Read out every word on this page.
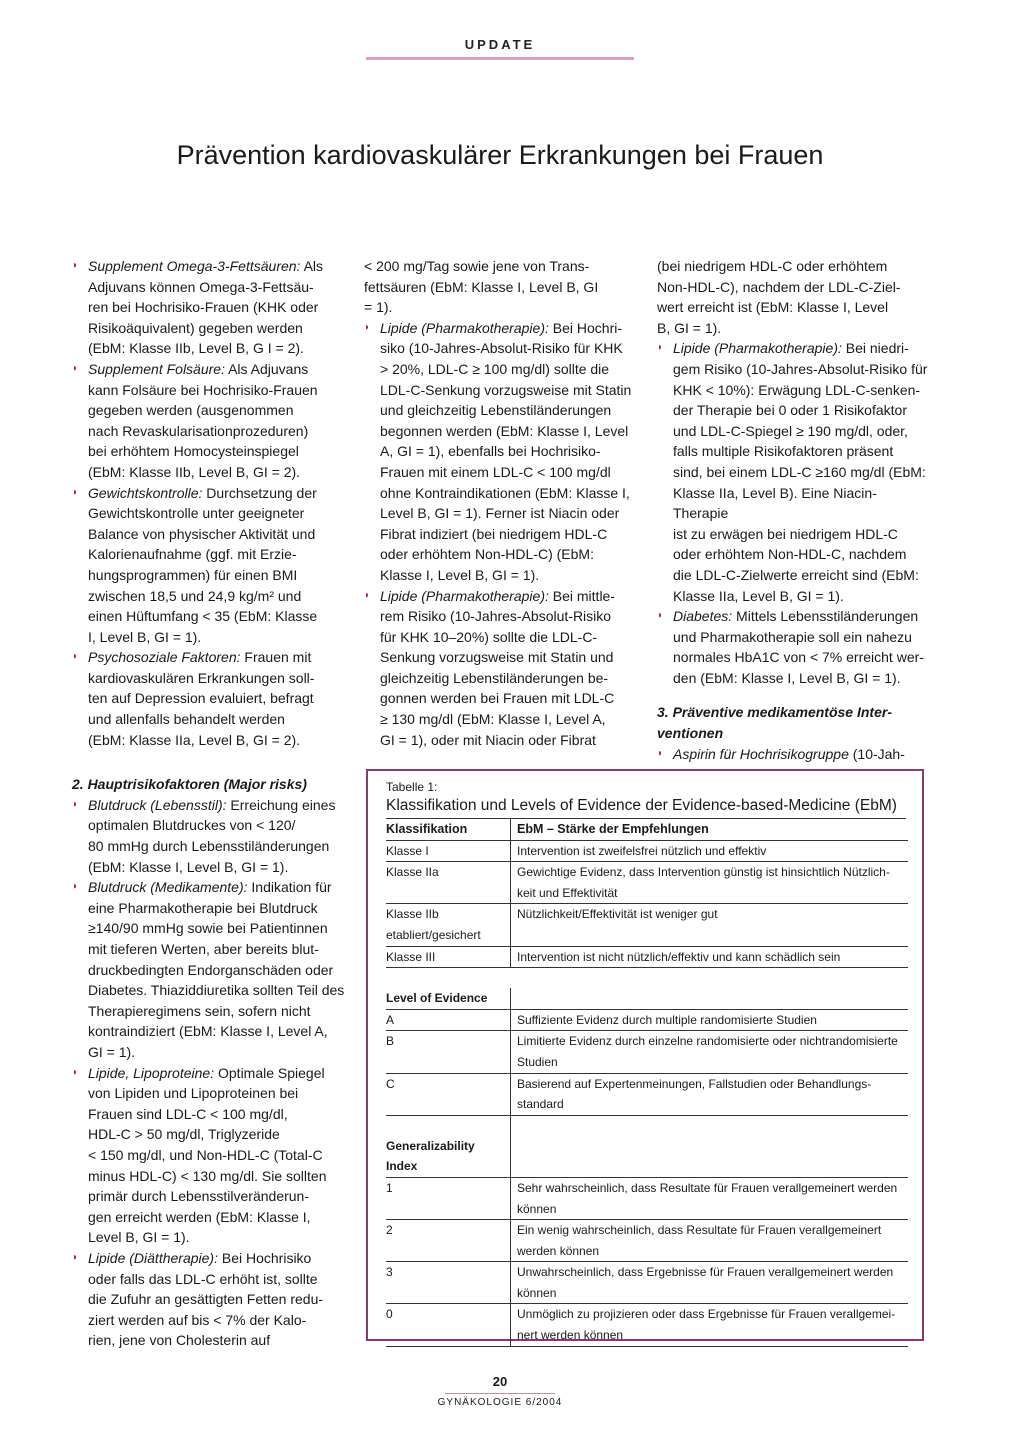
UPDATE
Prävention kardiovaskulärer Erkrankungen bei Frauen
◗ Supplement Omega-3-Fettsäuren: Als
Adjuvans können Omega-3-Fettsäu-
ren bei Hochrisiko-Frauen (KHK oder
Risikoäquivalent) gegeben werden
(EbM: Klasse IIb, Level B, G I = 2).
◗ Supplement Folsäure: Als Adjuvans
kann Folsäure bei Hochrisiko-Frauen
gegeben werden (ausgenommen
nach Revaskularisationprozeduren)
bei erhöhtem Homocysteinspiegel
(EbM: Klasse IIb, Level B, GI = 2).
◗ Gewichtskontrolle: Durchsetzung der
Gewichtskontrolle unter geeigneter
Balance von physischer Aktivität und
Kalorienaufnahme (ggf. mit Erzie-
hungsprogrammen) für einen BMI
zwischen 18,5 und 24,9 kg/m² und
einen Hüftumfang < 35 (EbM: Klasse
I, Level B, GI = 1).
◗ Psychosoziale Faktoren: Frauen mit
kardiovaskulären Erkrankungen soll-
ten auf Depression evaluiert, befragt
und allenfalls behandelt werden
(EbM: Klasse IIa, Level B, GI = 2).
2. Hauptrisikofaktoren (Major risks)
◗ Blutdruck (Lebensstil): Erreichung eines
optimalen Blutdruckes von < 120/
80 mmHg durch Lebensstiländerungen
(EbM: Klasse I, Level B, GI = 1).
◗ Blutdruck (Medikamente): Indikation für
eine Pharmakotherapie bei Blutdruck
≥140/90 mmHg sowie bei Patientinnen
mit tieferen Werten, aber bereits blut-
druckbedingten Endorganschäden oder
Diabetes. Thiaziddiuretika sollten Teil des
Therapieregimens sein, sofern nicht
kontraindiziert (EbM: Klasse I, Level A,
GI = 1).
◗ Lipide, Lipoproteine: Optimale Spiegel
von Lipiden und Lipoproteinen bei
Frauen sind LDL-C < 100 mg/dl,
HDL-C > 50 mg/dl, Triglyzeride
< 150 mg/dl, und Non-HDL-C (Total-C
minus HDL-C) < 130 mg/dl. Sie sollten
primär durch Lebensstilveränderun-
gen erreicht werden (EbM: Klasse I,
Level B, GI = 1).
◗ Lipide (Diättherapie): Bei Hochrisiko
oder falls das LDL-C erhöht ist, sollte
die Zufuhr an gesättigten Fetten redu-
ziert werden auf bis < 7% der Kalo-
rien, jene von Cholesterin auf
< 200 mg/Tag sowie jene von Trans-
fettsäuren (EbM: Klasse I, Level B, GI
= 1).
◗ Lipide (Pharmakotherapie): Bei Hochri-
siko (10-Jahres-Absolut-Risiko für KHK
> 20%, LDL-C ≥ 100 mg/dl) sollte die
LDL-C-Senkung vorzugsweise mit Statin
und gleichzeitig Lebenstiländerungen
begonnen werden (EbM: Klasse I, Level
A, GI = 1), ebenfalls bei Hochrisiko-
Frauen mit einem LDL-C < 100 mg/dl
ohne Kontraindikationen (EbM: Klasse I,
Level B, GI = 1). Ferner ist Niacin oder
Fibrat indiziert (bei niedrigem HDL-C
oder erhöhtem Non-HDL-C) (EbM:
Klasse I, Level B, GI = 1).
◗ Lipide (Pharmakotherapie): Bei mittle-
rem Risiko (10-Jahres-Absolut-Risiko
für KHK 10–20%) sollte die LDL-C-
Senkung vorzugsweise mit Statin und
gleichzeitig Lebenstiländerungen be-
gonnen werden bei Frauen mit LDL-C
≥ 130 mg/dl (EbM: Klasse I, Level A,
GI = 1), oder mit Niacin oder Fibrat
(bei niedrigem HDL-C oder erhöhtem
Non-HDL-C), nachdem der LDL-C-Ziel-
wert erreicht ist (EbM: Klasse I, Level
B, GI = 1).
◗ Lipide (Pharmakotherapie): Bei niedri-
gem Risiko (10-Jahres-Absolut-Risiko für
KHK < 10%): Erwägung LDL-C-senken-
der Therapie bei 0 oder 1 Risikofaktor
und LDL-C-Spiegel ≥ 190 mg/dl, oder,
falls multiple Risikofaktoren präsent
sind, bei einem LDL-C ≥160 mg/dl (EbM:
Klasse IIa, Level B). Eine Niacin-Therapie
ist zu erwägen bei niedrigem HDL-C
oder erhöhtem Non-HDL-C, nachdem
die LDL-C-Zielwerte erreicht sind (EbM:
Klasse IIa, Level B, GI = 1).
◗ Diabetes: Mittels Lebensstiländerungen
und Pharmakotherapie soll ein nahezu
normales HbA1C von < 7% erreicht wer-
den (EbM: Klasse I, Level B, GI = 1).
3. Präventive medikamentöse Inter-
ventionen
◗ Aspirin für Hochrisikogruppe (10-Jah-
Tabelle 1:
Klassifikation und Levels of Evidence der Evidence-based-Medicine (EbM)
Klassifikation	EbM – Stärke der Empfehlungen
Klasse I	Intervention ist zweifelsfrei nützlich und effektiv
Klasse IIa	Gewichtige Evidenz, dass Intervention günstig ist hinsichtlich Nützlich-keit und Effektivität
Klasse IIb etabliert/gesichert	Nützlichkeit/Effektivität ist weniger gut
Klasse III	Intervention ist nicht nützlich/effektiv und kann schädlich sein

Level of Evidence	
A	Suffiziente Evidenz durch multiple randomisierte Studien
B	Limitierte Evidenz durch einzelne randomisierte oder nichtrandomisierte Studien
C	Basierend auf Expertenmeinungen, Fallstudien oder Behandlungs-standard

Generalizability Index	
1	Sehr wahrscheinlich, dass Resultate für Frauen verallgemeinert werden können
2	Ein wenig wahrscheinlich, dass Resultate für Frauen verallgemeinert werden können
3	Unwahrscheinlich, dass Ergebnisse für Frauen verallgemeinert werden können
0	Unmöglich zu projizieren oder dass Ergebnisse für Frauen verallgemei-nert werden können
20
GYNÄKOLOGIE 6/2004
